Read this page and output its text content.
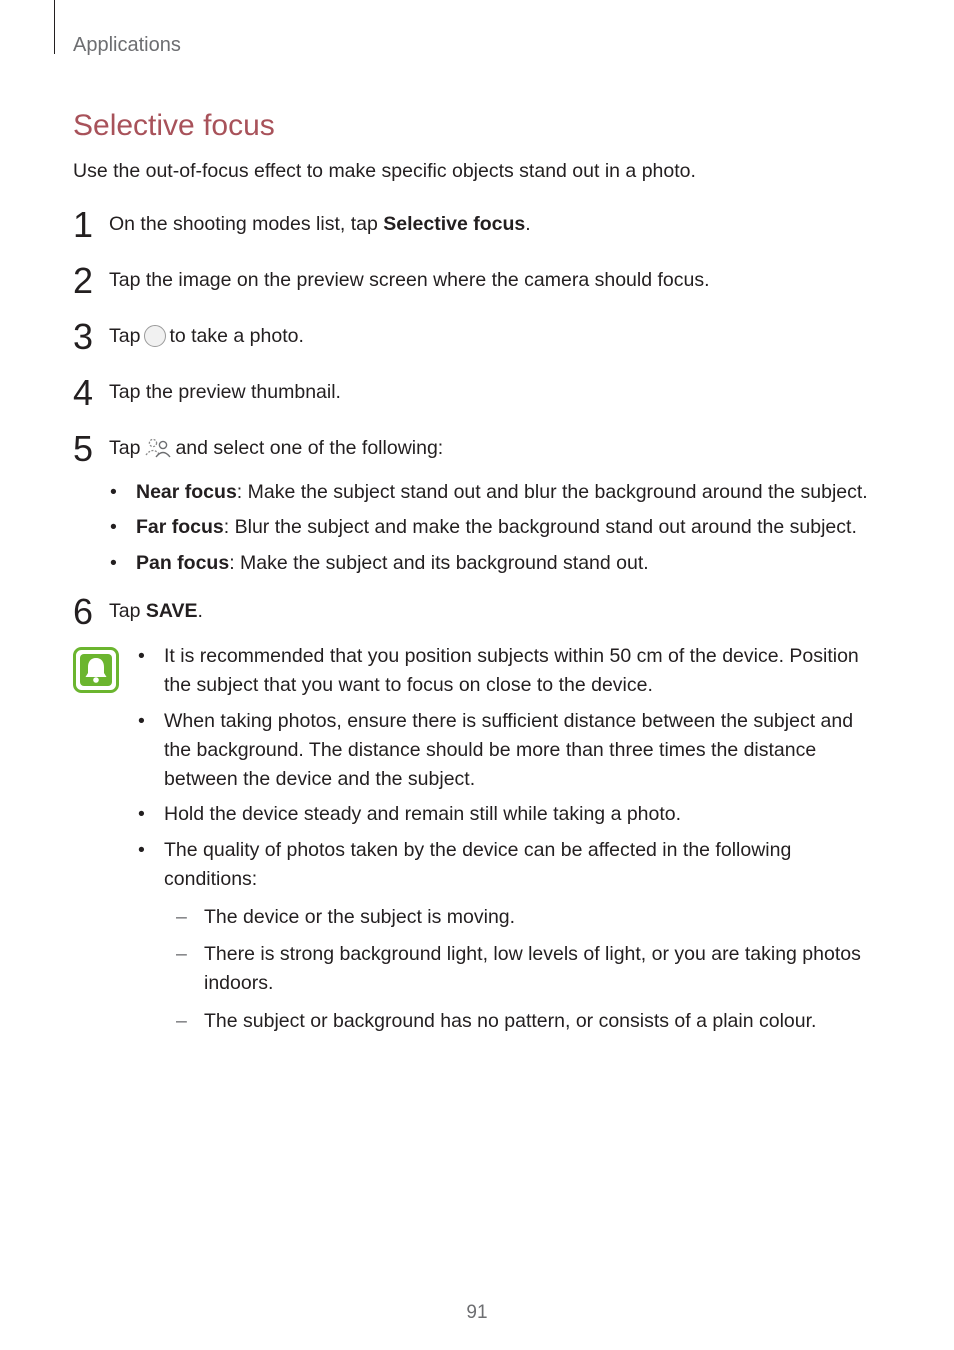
Applications
Selective focus
Use the out-of-focus effect to make specific objects stand out in a photo.
1 On the shooting modes list, tap Selective focus.
2 Tap the image on the preview screen where the camera should focus.
3 Tap to take a photo.
4 Tap the preview thumbnail.
5 Tap and select one of the following:
• Near focus: Make the subject stand out and blur the background around the subject.
• Far focus: Blur the subject and make the background stand out around the subject.
• Pan focus: Make the subject and its background stand out.
6 Tap SAVE.
• It is recommended that you position subjects within 50 cm of the device. Position the subject that you want to focus on close to the device.
• When taking photos, ensure there is sufficient distance between the subject and the background. The distance should be more than three times the distance between the device and the subject.
• Hold the device steady and remain still while taking a photo.
• The quality of photos taken by the device can be affected in the following conditions:
– The device or the subject is moving.
– There is strong background light, low levels of light, or you are taking photos indoors.
– The subject or background has no pattern, or consists of a plain colour.
91
